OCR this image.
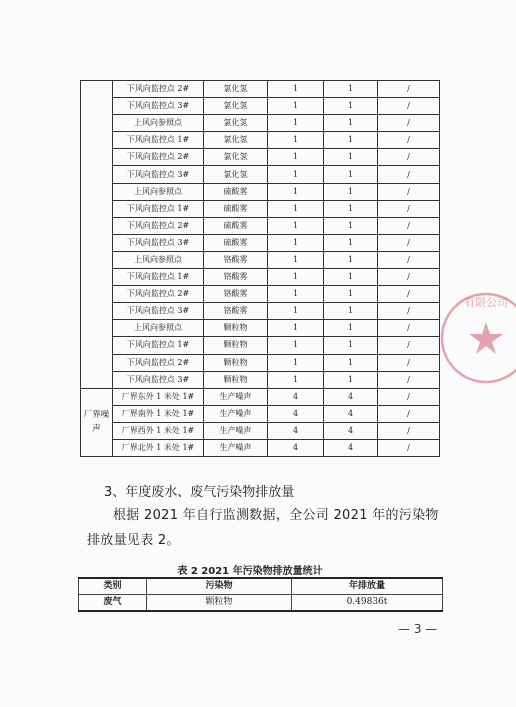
	下风向监控点 2#	氯化氢	1	1	/
	下风向监控点 3#	氯化氢	1	1	/
	上风向参照点	氯化氢	1	1	/
	下风向监控点 1#	氯化氢	1	1	/
	下风向监控点 2#	氯化氢	1	1	/
	下风向监控点 3#	氯化氢	1	1	/
	上风向参照点	硫酸雾	1	1	/
	下风向监控点 1#	硫酸雾	1	1	/
	下风向监控点 2#	硫酸雾	1	1	/
	下风向监控点 3#	硫酸雾	1	1	/
	上风向参照点	铬酸雾	1	1	/
	下风向监控点 1#	铬酸雾	1	1	/
	下风向监控点 2#	铬酸雾	1	1	/
	下风向监控点 3#	铬酸雾	1	1	/
	上风向参照点	颗粒物	1	1	/
	下风向监控点 1#	颗粒物	1	1	/
	下风向监控点 2#	颗粒物	1	1	/
	下风向监控点 3#	颗粒物	1	1	/
厂界噪声	厂界东外 1 米处 1#	生产噪声	4	4	/
	厂界南外 1 米处 1#	生产噪声	4	4	/
	厂界西外 1 米处 1#	生产噪声	4	4	/
	厂界北外 1 米处 1#	生产噪声	4	4	/
3、年度废水、废气污染物排放量
根据 2021 年自行监测数据，全公司 2021 年的污染物排放量见表 2。
表 2 2021 年污染物排放量统计
类别	污染物	年排放量
废气	颗粒物	0.49836t
— 3 —
有限公司
